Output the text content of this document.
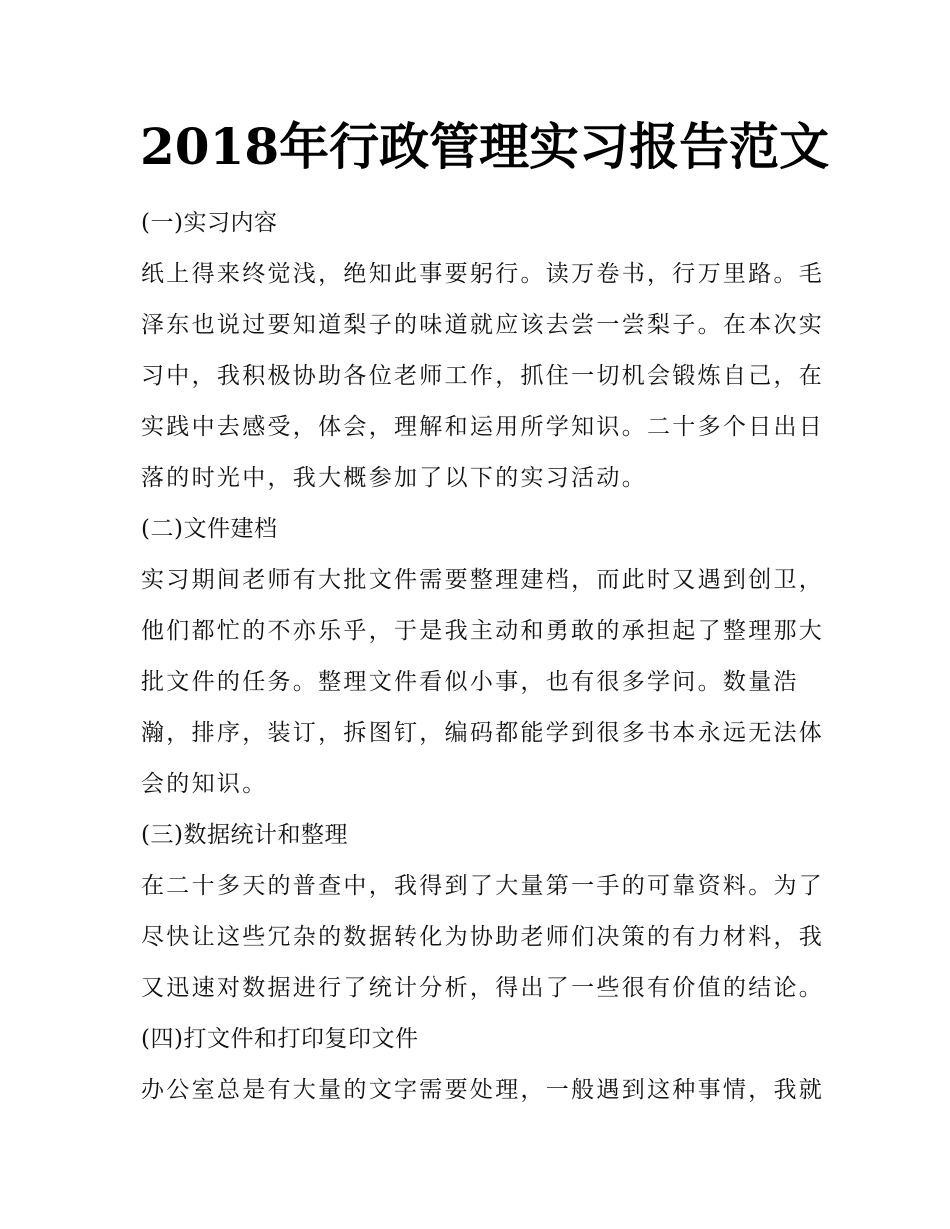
2018年行政管理实习报告范文

(一)实习内容

纸上得来终觉浅，绝知此事要躬行。读万卷书，行万里路。毛

泽东也说过要知道梨子的味道就应该去尝一尝梨子。在本次实

习中，我积极协助各位老师工作，抓住一切机会锻炼自己，在

实践中去感受，体会，理解和运用所学知识。二十多个日出日

落的时光中，我大概参加了以下的实习活动。

(二)文件建档

实习期间老师有大批文件需要整理建档，而此时又遇到创卫，

他们都忙的不亦乐乎，于是我主动和勇敢的承担起了整理那大

批文件的任务。整理文件看似小事，也有很多学问。数量浩

瀚，排序，装订，拆图钉，编码都能学到很多书本永远无法体

会的知识。

(三)数据统计和整理

在二十多天的普查中，我得到了大量第一手的可靠资料。为了

尽快让这些冗杂的数据转化为协助老师们决策的有力材料，我

又迅速对数据进行了统计分析，得出了一些很有价值的结论。

(四)打文件和打印复印文件

办公室总是有大量的文字需要处理，一般遇到这种事情，我就
